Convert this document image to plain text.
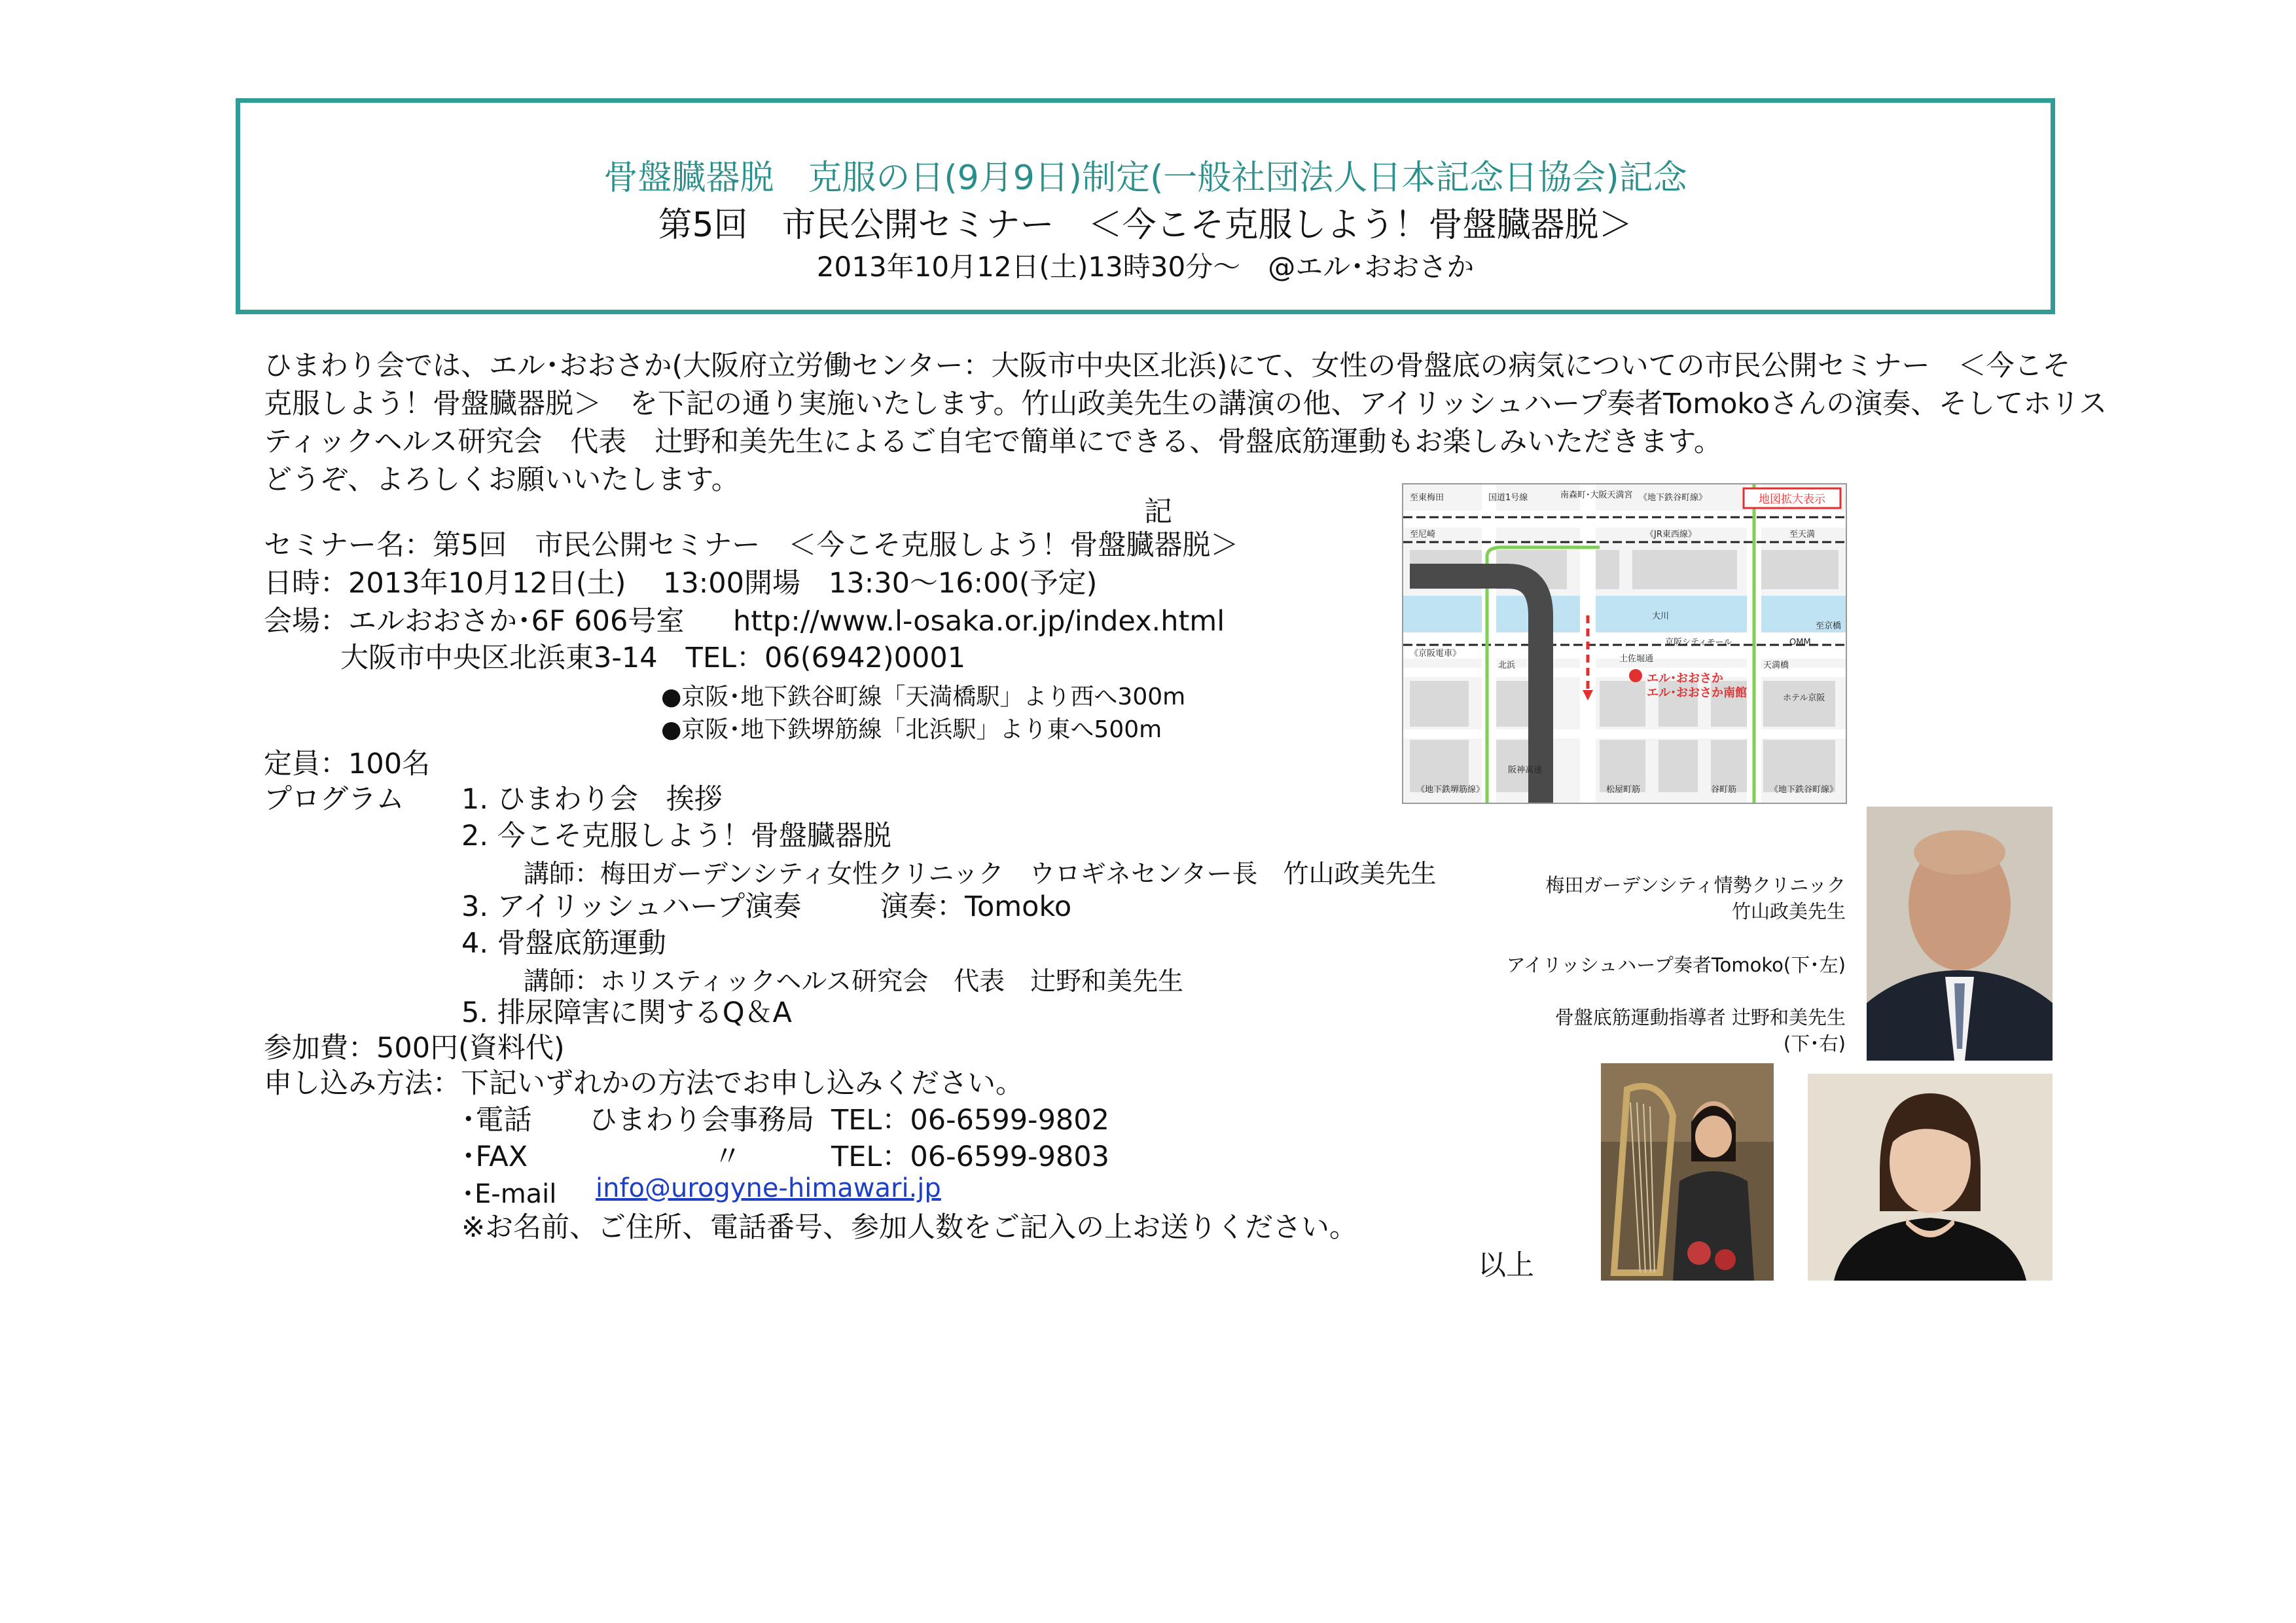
骨盤臓器脱　克服の日(9月9日)制定(一般社団法人日本記念日協会)記念
第5回　市民公開セミナー　＜今こそ克服しよう！骨盤臓器脱＞
2013年10月12日(土)13時30分～　@エル･おおさか
ひまわり会では、エル･おおさか(大阪府立労働センター：大阪市中央区北浜)にて、女性の骨盤底の病気についての市民公開セミナー　＜今こそ
克服しよう！骨盤臓器脱＞　を下記の通り実施いたします。竹山政美先生の講演の他、アイリッシュハープ奏者Tomokoさんの演奏、そしてホリス
ティックヘルス研究会　代表　辻野和美先生によるご自宅で簡単にできる、骨盤底筋運動もお楽しみいただきます。
どうぞ、よろしくお願いいたします。
記
セミナー名：第5回　市民公開セミナー　＜今こそ克服しよう！骨盤臓器脱＞
日時：2013年10月12日(土)　 13:00開場　13:30～16:00(予定)
会場：エルおおさか･6F 606号室 http://www.l-osaka.or.jp/index.html
大阪市中央区北浜東3-14　TEL：06(6942)0001
●京阪･地下鉄谷町線「天満橋駅」より西へ300m
●京阪･地下鉄堺筋線「北浜駅」より東へ500m
定員：100名
プログラム 1. ひまわり会　挨拶
2. 今こそ克服しよう！骨盤臓器脱
講師：梅田ガーデンシティ女性クリニック　ウロギネセンター長　竹山政美先生
3. アイリッシュハープ演奏	演奏：Tomoko
4. 骨盤底筋運動
講師：ホリスティックヘルス研究会　代表　辻野和美先生
5. 排尿障害に関するQ＆A
参加費：500円(資料代)
申し込み方法：下記いずれかの方法でお申し込みください。
･電話 ひまわり会事務局 TEL：06-6599-9802
･FAX	〃	TEL：06-6599-9803
･E-mail info@urogyne-himawari.jp
※お名前、ご住所、電話番号、参加人数をご記入の上お送りください。
以上
地図拡大表示
至東梅田	国道1号線	南森町･大阪天満宮 《地下鉄谷町線》
至天満
至尼崎	《JR東西線》
至京橋
大川
《京阪電車》
北浜	天満橋
OMM
京阪シティモール
土佐堀通
ホテル京阪
阪神高速
《地下鉄堺筋線》	《地下鉄谷町線》
松屋町筋	谷町筋
エル･おおさか
エル･おおさか南館
梅田ガーデンシティ情勢クリニック
竹山政美先生
アイリッシュハープ奏者Tomoko(下･左)
骨盤底筋運動指導者 辻野和美先生
(下･右)
